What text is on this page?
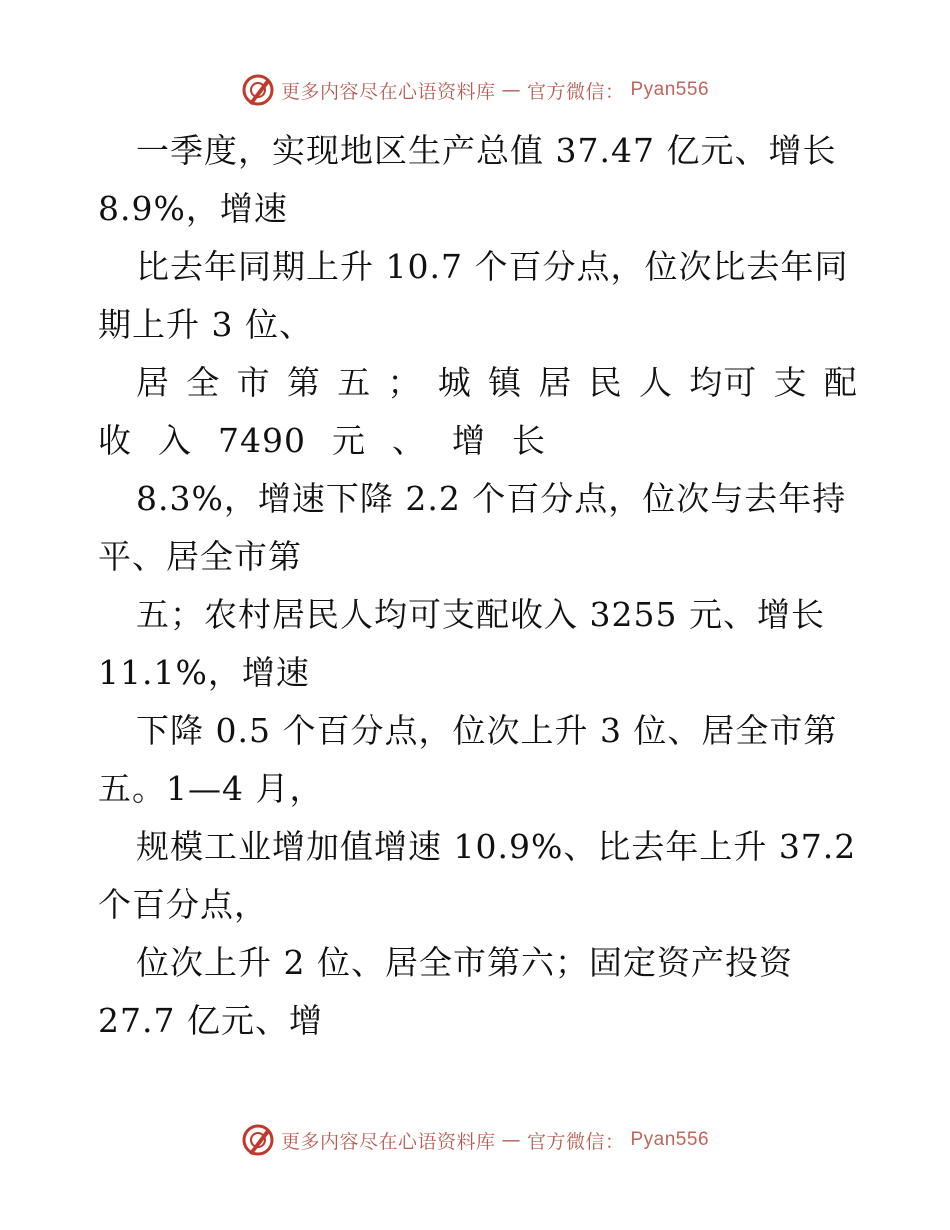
更多内容尽在心语资料库 — 官方微信： Pyan556
一季度，实现地区生产总值 37.47 亿元、增长
8.9%，增速
比去年同期上升 10.7 个百分点，位次比去年同
期上升 3 位、
居 全 市 第 五 ； 城 镇 居 民 人 均可 支 配
收 入 7490 元 、 增 长
8.3%，增速下降 2.2 个百分点，位次与去年持
平、居全市第
五；农村居民人均可支配收入 3255 元、增长
11.1%，增速
下降 0.5 个百分点，位次上升 3 位、居全市第
五。1—4 月，
规模工业增加值增速 10.9%、比去年上升 37.2
个百分点，
位次上升 2 位、居全市第六；固定资产投资
27.7 亿元、增
更多内容尽在心语资料库 — 官方微信： Pyan556
